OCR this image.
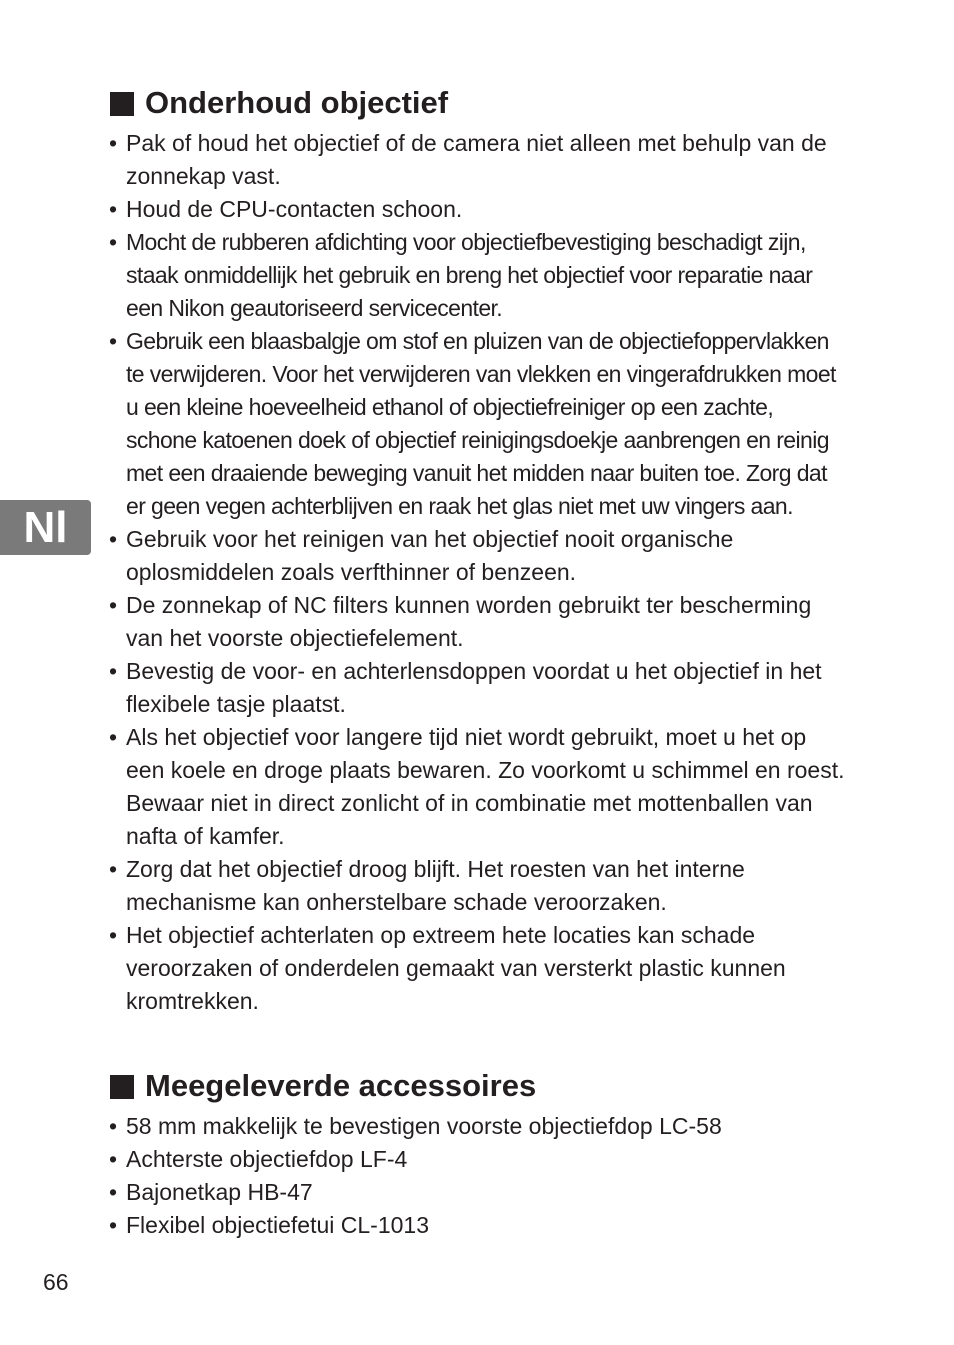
Nl
Onderhoud objectief
• Pak of houd het objectief of de camera niet alleen met behulp van de zonnekap vast.
• Houd de CPU-contacten schoon.
• Mocht de rubberen afdichting voor objectiefbevestiging beschadigt zijn, staak onmiddellijk het gebruik en breng het objectief voor reparatie naar een Nikon geautoriseerd servicecenter.
• Gebruik een blaasbalgje om stof en pluizen van de objectiefoppervlakken te verwijderen. Voor het verwijderen van vlekken en vingerafdrukken moet u een kleine hoeveelheid ethanol of objectiefreiniger op een zachte, schone katoenen doek of objectief reinigingsdoekje aanbrengen en reinig met een draaiende beweging vanuit het midden naar buiten toe. Zorg dat er geen vegen achterblijven en raak het glas niet met uw vingers aan.
• Gebruik voor het reinigen van het objectief nooit organische oplosmiddelen zoals verfthinner of benzeen.
• De zonnekap of NC filters kunnen worden gebruikt ter bescherming van het voorste objectiefelement.
• Bevestig de voor- en achterlensdoppen voordat u het objectief in het flexibele tasje plaatst.
• Als het objectief voor langere tijd niet wordt gebruikt, moet u het op een koele en droge plaats bewaren. Zo voorkomt u schimmel en roest. Bewaar niet in direct zonlicht of in combinatie met mottenballen van nafta of kamfer.
• Zorg dat het objectief droog blijft. Het roesten van het interne mechanisme kan onherstelbare schade veroorzaken.
• Het objectief achterlaten op extreem hete locaties kan schade veroorzaken of onderdelen gemaakt van versterkt plastic kunnen kromtrekken.
Meegeleverde accessoires
• 58 mm makkelijk te bevestigen voorste objectiefdop LC-58
• Achterste objectiefdop LF-4
• Bajonetkap HB-47
• Flexibel objectiefetui CL-1013
66
